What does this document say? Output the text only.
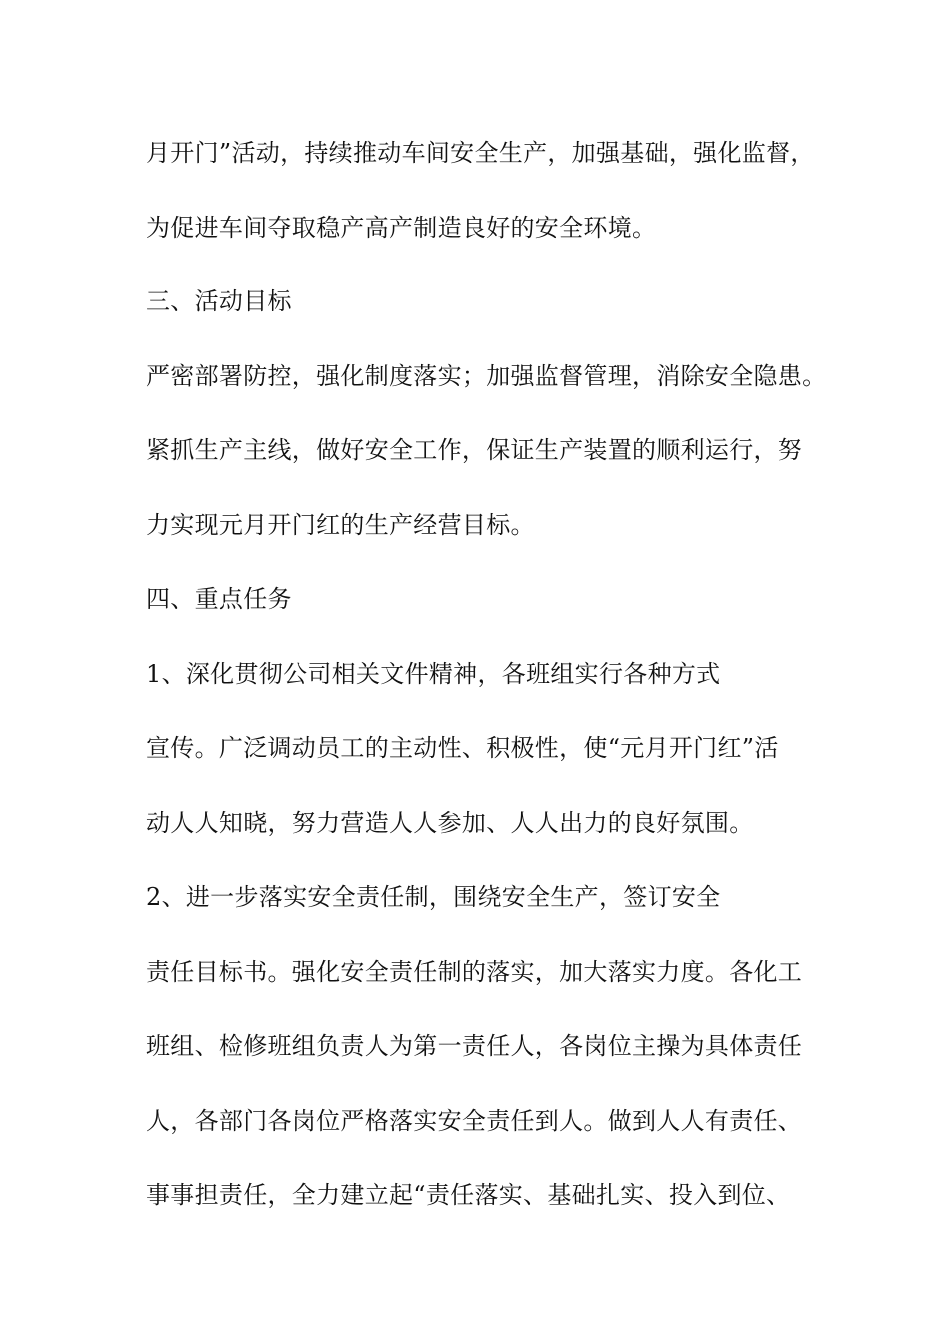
月开门”活动，持续推动车间安全生产，加强基础，强化监督，
为促进车间夺取稳产高产制造良好的安全环境。
三、活动目标
严密部署防控，强化制度落实；加强监督管理，消除安全隐患。
紧抓生产主线，做好安全工作，保证生产装置的顺利运行，努
力实现元月开门红的生产经营目标。
四、重点任务
1、深化贯彻公司相关文件精神，各班组实行各种方式
宣传。广泛调动员工的主动性、积极性，使“元月开门红”活
动人人知晓，努力营造人人参加、人人出力的良好氛围。
2、进一步落实安全责任制，围绕安全生产，签订安全
责任目标书。强化安全责任制的落实，加大落实力度。各化工
班组、检修班组负责人为第一责任人，各岗位主操为具体责任
人，各部门各岗位严格落实安全责任到人。做到人人有责任、
事事担责任，全力建立起“责任落实、基础扎实、投入到位、
